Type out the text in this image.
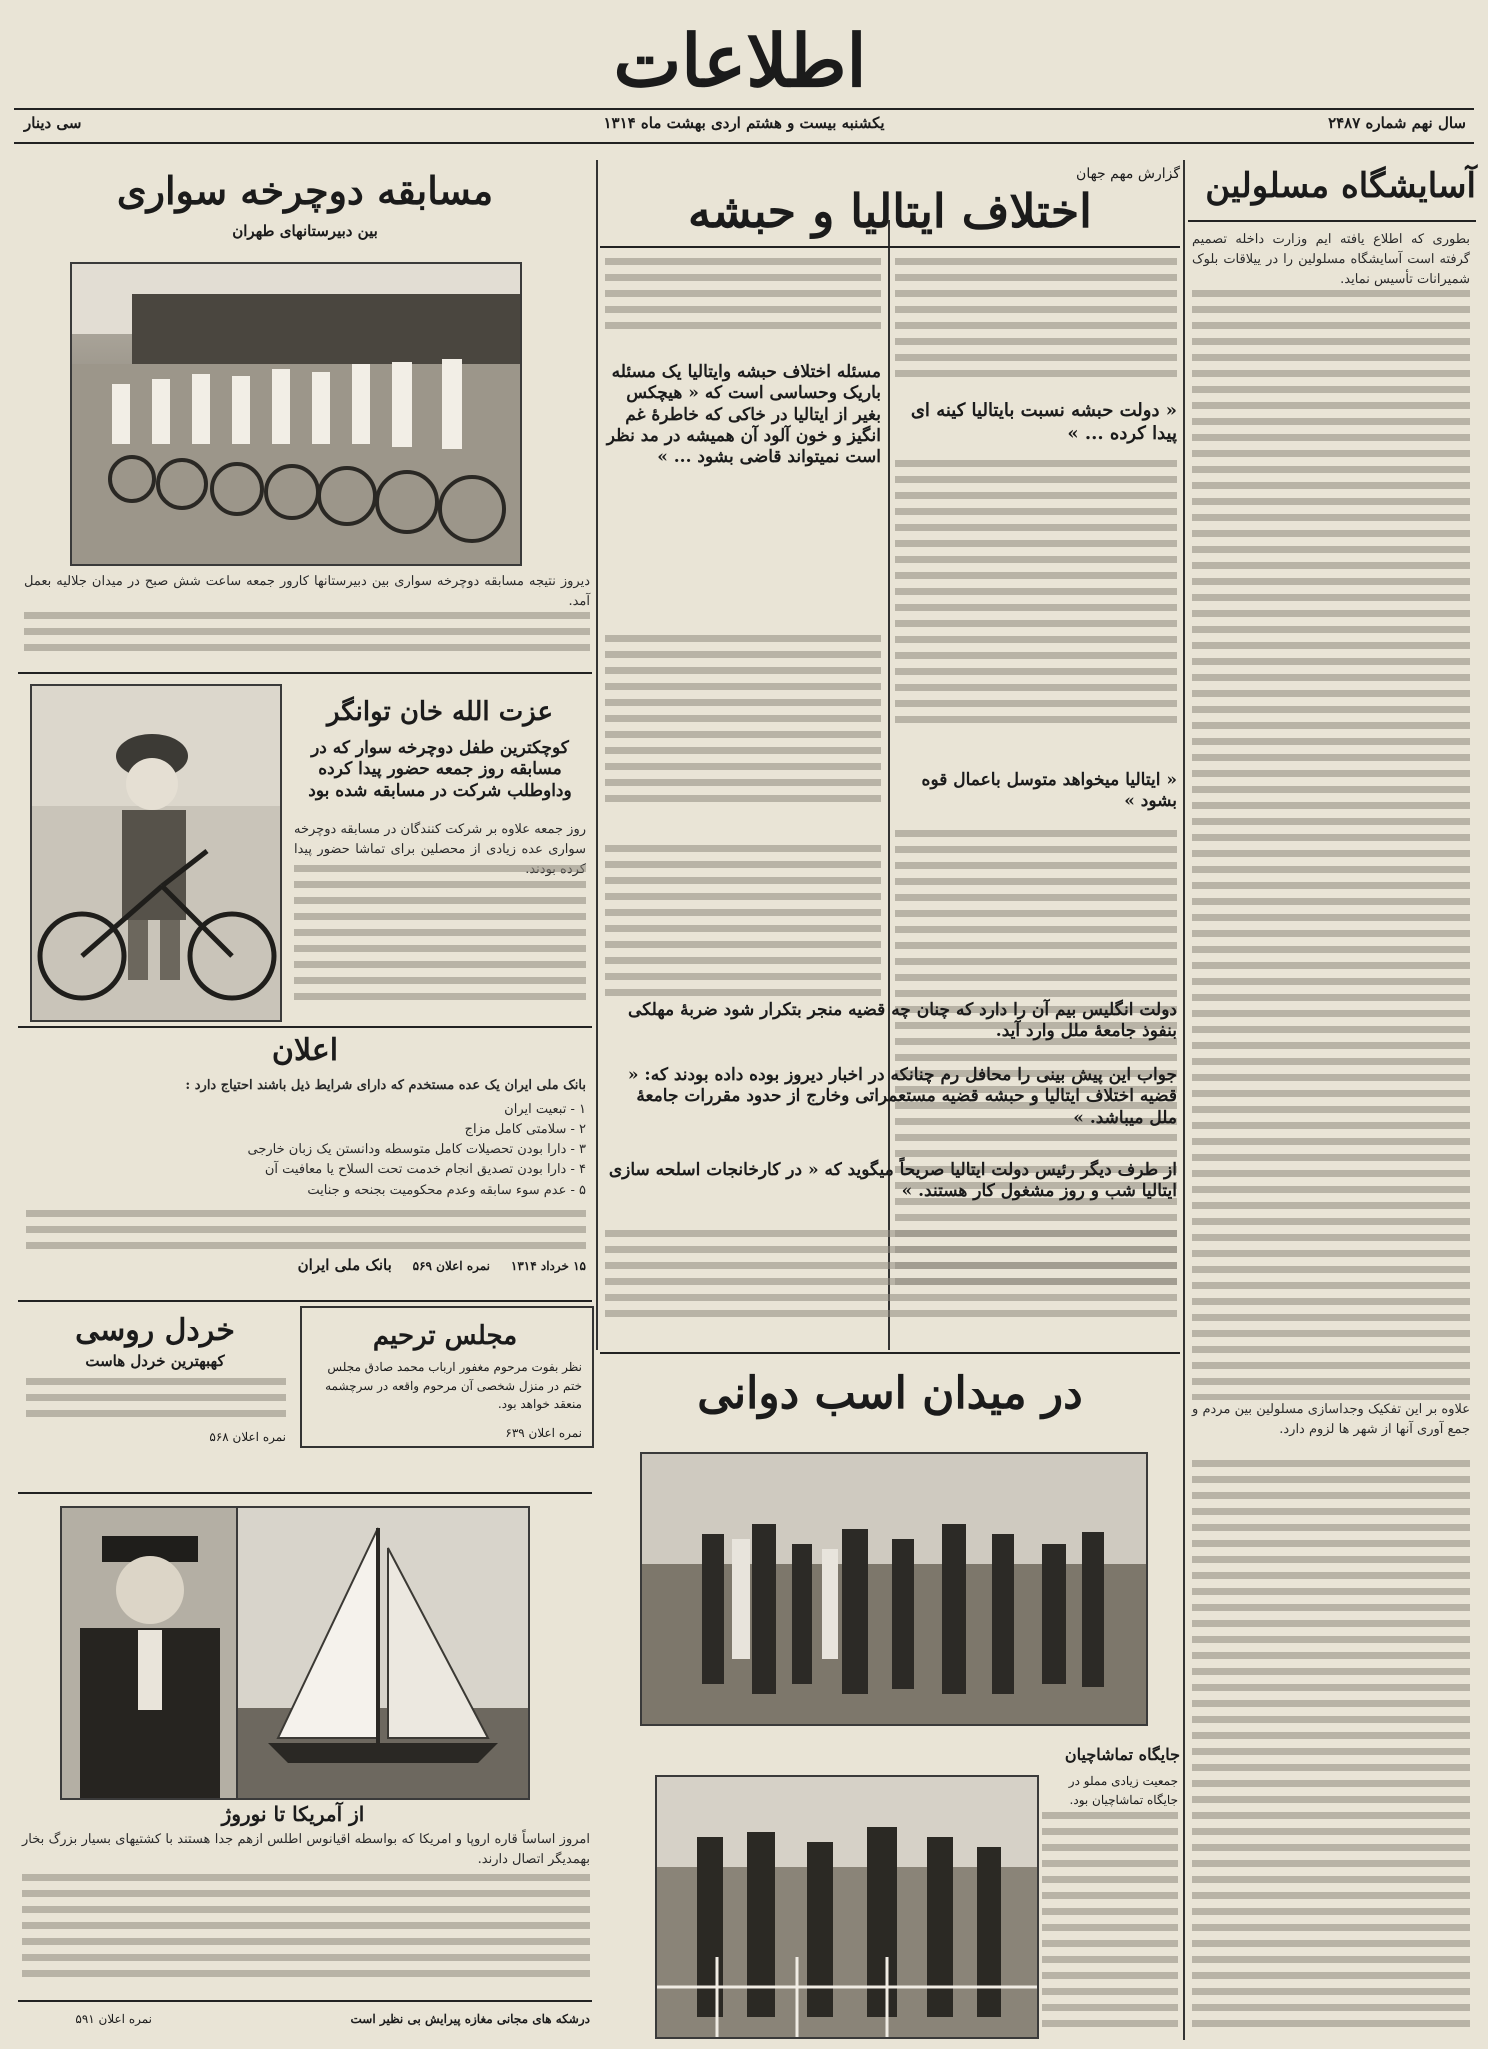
اطلاعات
سال نهم شماره ۲۴۸۷
یکشنبه بیست و هشتم اردی بهشت ماه ۱۳۱۴
سی دینار
آسایشگاه مسلولین
بطوری که اطلاع یافته ایم وزارت داخله تصمیم گرفته است آسایشگاه مسلولین را در ییلاقات بلوک شمیرانات تأسیس نماید.
علاوه بر این تفکیک وجداسازی مسلولین بین مردم و جمع آوری آنها از شهر ها لزوم دارد.
گزارش مهم جهان
اختلاف ایتالیا و حبشه
« دولت حبشه نسبت بایتالیا کینه ای پیدا کرده ... »
« ایتالیا میخواهد متوسل باعمال قوه بشود »
مسئله اختلاف حبشه وایتالیا یک مسئله باریک وحساسی است که « هیچکس بغیر از ایتالیا در خاکی که خاطرهٔ غم انگیز و خون آلود آن همیشه در مد نظر است نمیتواند قاضی بشود ... »
دولت انگلیس بیم آن را دارد که چنان چه قضیه منجر بتکرار شود ضربهٔ مهلکی بنفوذ جامعهٔ ملل وارد آید.
جواب این پیش بینی را محافل رم چنانکه در اخبار دیروز بوده داده بودند که: « قضیه اختلاف ایتالیا و حبشه قضیه مستعمراتی وخارج از حدود مقررات جامعهٔ ملل میباشد. »
از طرف دیگر رئیس دولت ایتالیا صریحاً میگوید که « در کارخانجات اسلحه سازی ایتالیا شب و روز مشغول کار هستند. »
در میدان اسب دوانی
جایگاه تماشاچیان
جمعیت زیادی مملو در جایگاه تماشاچیان بود.
مسابقه دوچرخه سواری
بین دبیرستانهای طهران
دیروز نتیجه مسابقه دوچرخه سواری بین دبیرستانها کارور جمعه ساعت شش صبح در میدان جلالیه بعمل آمد.
عزت الله خان توانگر
کوچکترین طفل دوچرخه سوار که در مسابقه روز جمعه حضور پیدا کرده وداوطلب شرکت در مسابقه شده بود
روز جمعه علاوه بر شرکت کنندگان در مسابقه دوچرخه سواری عده زیادی از محصلین برای تماشا حضور پیدا
اعلان
بانک ملی ایران یک عده مستخدم که دارای شرایط ذیل باشند احتیاج دارد :
۱ - تبعیت ایران
۲ - سلامتی کامل مزاج
۳ - دارا بودن تحصیلات کامل متوسطه ودانستن یک زبان خارجی
۴ - دارا بودن تصدیق انجام خدمت تحت السلاح یا معافیت آن
۵ - عدم سوء سابقه وعدم محکومیت بجنحه و جنایت
۱۵ خرداد ۱۳۱۴     نمره اعلان ۵۶۹     بانک ملی ایران
مجلس ترحیم
نظر بفوت مرحوم مغفور ارباب محمد صادق مجلس ختم در منزل شخصی آن مرحوم واقعه در سرچشمه منعقد خواهد بود.
نمره اعلان ۶۳۹
خردل روسی
کهبهترین خردل هاست
نمره اعلان ۵۶۸
از آمریکا تا نوروژ
امروز اساساً قاره اروپا و امریکا که بواسطه اقیانوس اطلس ازهم جدا هستند با کشتیهای بسیار بزرگ بخار بهمدیگر اتصال دارند.
درشکه های مجانی مغازه پیرایش بی نظیر است
نمره اعلان ۵۹۱
